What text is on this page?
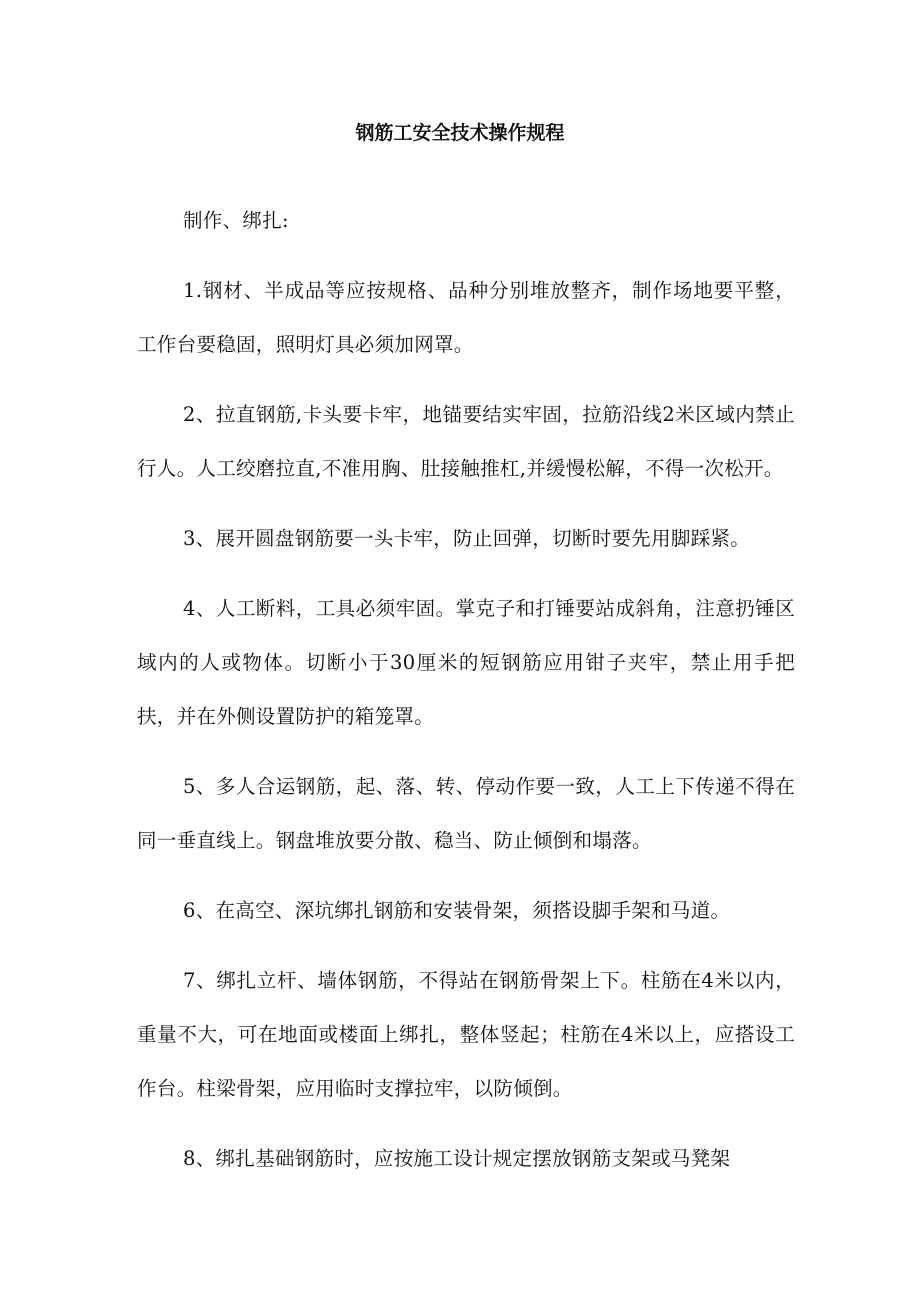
钢筋工安全技术操作规程

制作、绑扎:

1.钢材、半成品等应按规格、品种分别堆放整齐，制作场地要平整，工作台要稳固，照明灯具必须加网罩。

2、拉直钢筋,卡头要卡牢，地锚要结实牢固，拉筋沿线2米区域内禁止行人。人工绞磨拉直,不准用胸、肚接触推杠,并缓慢松解，不得一次松开。

3、展开圆盘钢筋要一头卡牢，防止回弹，切断时要先用脚踩紧。

4、人工断料，工具必须牢固。掌克子和打锤要站成斜角，注意扔锤区域内的人或物体。切断小于30厘米的短钢筋应用钳子夹牢，禁止用手把扶，并在外侧设置防护的箱笼罩。

5、多人合运钢筋，起、落、转、停动作要一致，人工上下传递不得在同一垂直线上。钢盘堆放要分散、稳当、防止倾倒和塌落。

6、在高空、深坑绑扎钢筋和安装骨架，须搭设脚手架和马道。

7、绑扎立杆、墙体钢筋，不得站在钢筋骨架上下。柱筋在4米以内，重量不大，可在地面或楼面上绑扎，整体竖起；柱筋在4米以上，应搭设工作台。柱梁骨架，应用临时支撑拉牢，以防倾倒。

8、绑扎基础钢筋时，应按施工设计规定摆放钢筋支架或马凳架
